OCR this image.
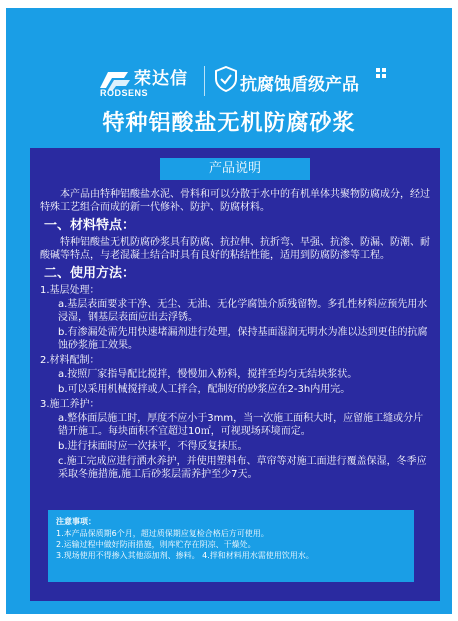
荣达信
RODSENS	抗腐蚀盾级产品
特种铝酸盐无机防腐砂浆
产品说明

本产品由特种铝酸盐水泥、骨料和可以分散于水中的有机单体共聚物防腐成分，经过特殊工艺组合而成的新一代修补、防护、防腐材料。

一、材料特点：

特种铝酸盐无机防腐砂浆具有防腐、抗拉伸、抗折弯、早强、抗渗、防漏、防潮、耐酸碱等特点，与老混凝土结合时具有良好的粘结性能，适用到防腐防渗等工程。

二、使用方法：

1.基层处理：

a.基层表面要求干净、无尘、无油、无化学腐蚀介质残留物。多孔性材料应预先用水浸湿，钢基层表面应出去浮锈。

b.有渗漏处需先用快速堵漏剂进行处理，保持基面湿润无明水为准以达到更佳的抗腐蚀砂浆施工效果。

2.材料配制：

a.按照厂家指导配比搅拌，慢慢加入粉料，搅拌至均匀无结块浆状。

b.可以采用机械搅拌或人工拌合，配制好的砂浆应在2-3h内用完。

3.施工养护：

a.整体面层施工时，厚度不应小于3mm，当一次施工面积大时，应留施工缝或分片错开施工。每块面积不宜超过10㎡，可视现场环境而定。

b.进行抹面时应一次抹平，不得反复抹压。

c.施工完成应进行洒水养护，并使用塑料布、草帘等对施工面进行覆盖保湿，冬季应采取冬施措施,施工后砂浆层需养护至少7天。

注意事项：
1.本产品保质期6个月，超过质保期应复检合格后方可使用。
2.运输过程中做好防雨措施，则库贮存在阴凉、干燥处。
3.现场使用不得掺入其他添加剂、掺料。 4.拌和材料用水需使用饮用水。
